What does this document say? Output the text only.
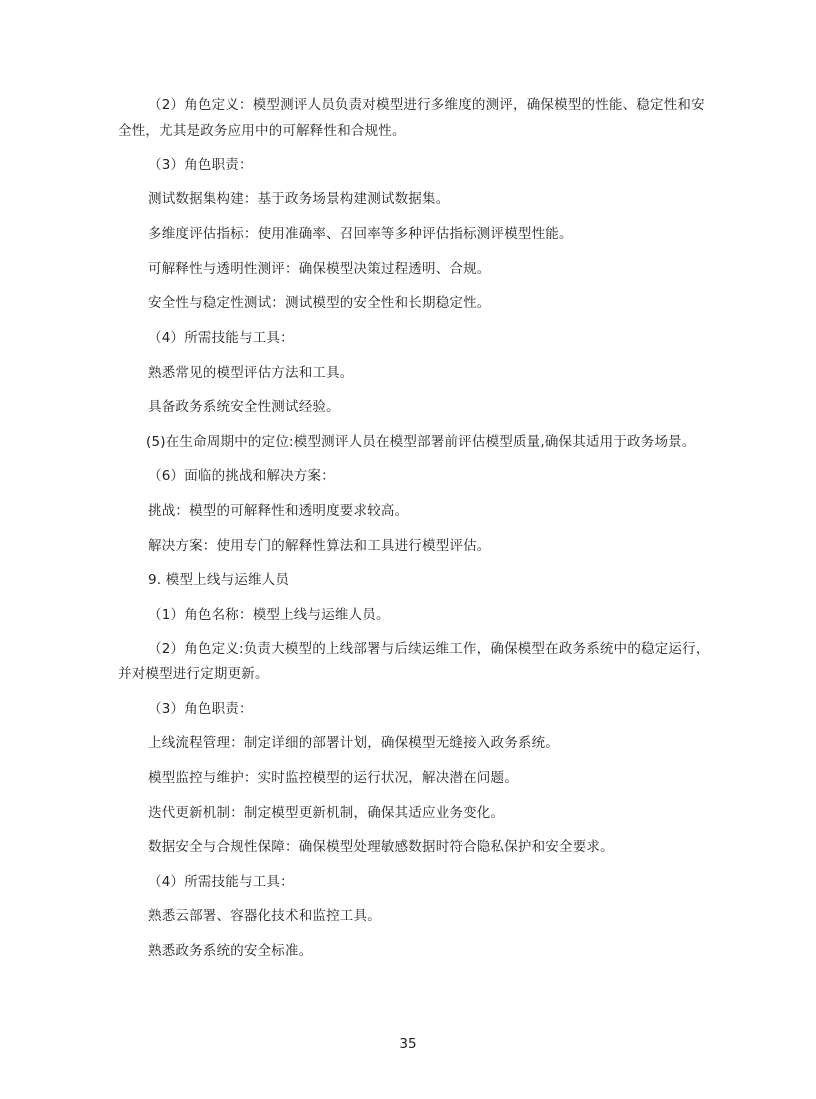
（2）角色定义：模型测评人员负责对模型进行多维度的测评，确保模型的性能、稳定性和安
全性，尤其是政务应用中的可解释性和合规性。
（3）角色职责：
测试数据集构建：基于政务场景构建测试数据集。
多维度评估指标：使用准确率、召回率等多种评估指标测评模型性能。
可解释性与透明性测评：确保模型决策过程透明、合规。
安全性与稳定性测试：测试模型的安全性和长期稳定性。
（4）所需技能与工具：
熟悉常见的模型评估方法和工具。
具备政务系统安全性测试经验。
(5)在生命周期中的定位:模型测评人员在模型部署前评估模型质量,确保其适用于政务场景。
（6）面临的挑战和解决方案：
挑战：模型的可解释性和透明度要求较高。
解决方案：使用专门的解释性算法和工具进行模型评估。
9. 模型上线与运维人员
（1）角色名称：模型上线与运维人员。
（2）角色定义:负责大模型的上线部署与后续运维工作，确保模型在政务系统中的稳定运行，
并对模型进行定期更新。
（3）角色职责：
上线流程管理：制定详细的部署计划，确保模型无缝接入政务系统。
模型监控与维护：实时监控模型的运行状况，解决潜在问题。
迭代更新机制：制定模型更新机制，确保其适应业务变化。
数据安全与合规性保障：确保模型处理敏感数据时符合隐私保护和安全要求。
（4）所需技能与工具：
熟悉云部署、容器化技术和监控工具。
熟悉政务系统的安全标准。
35
